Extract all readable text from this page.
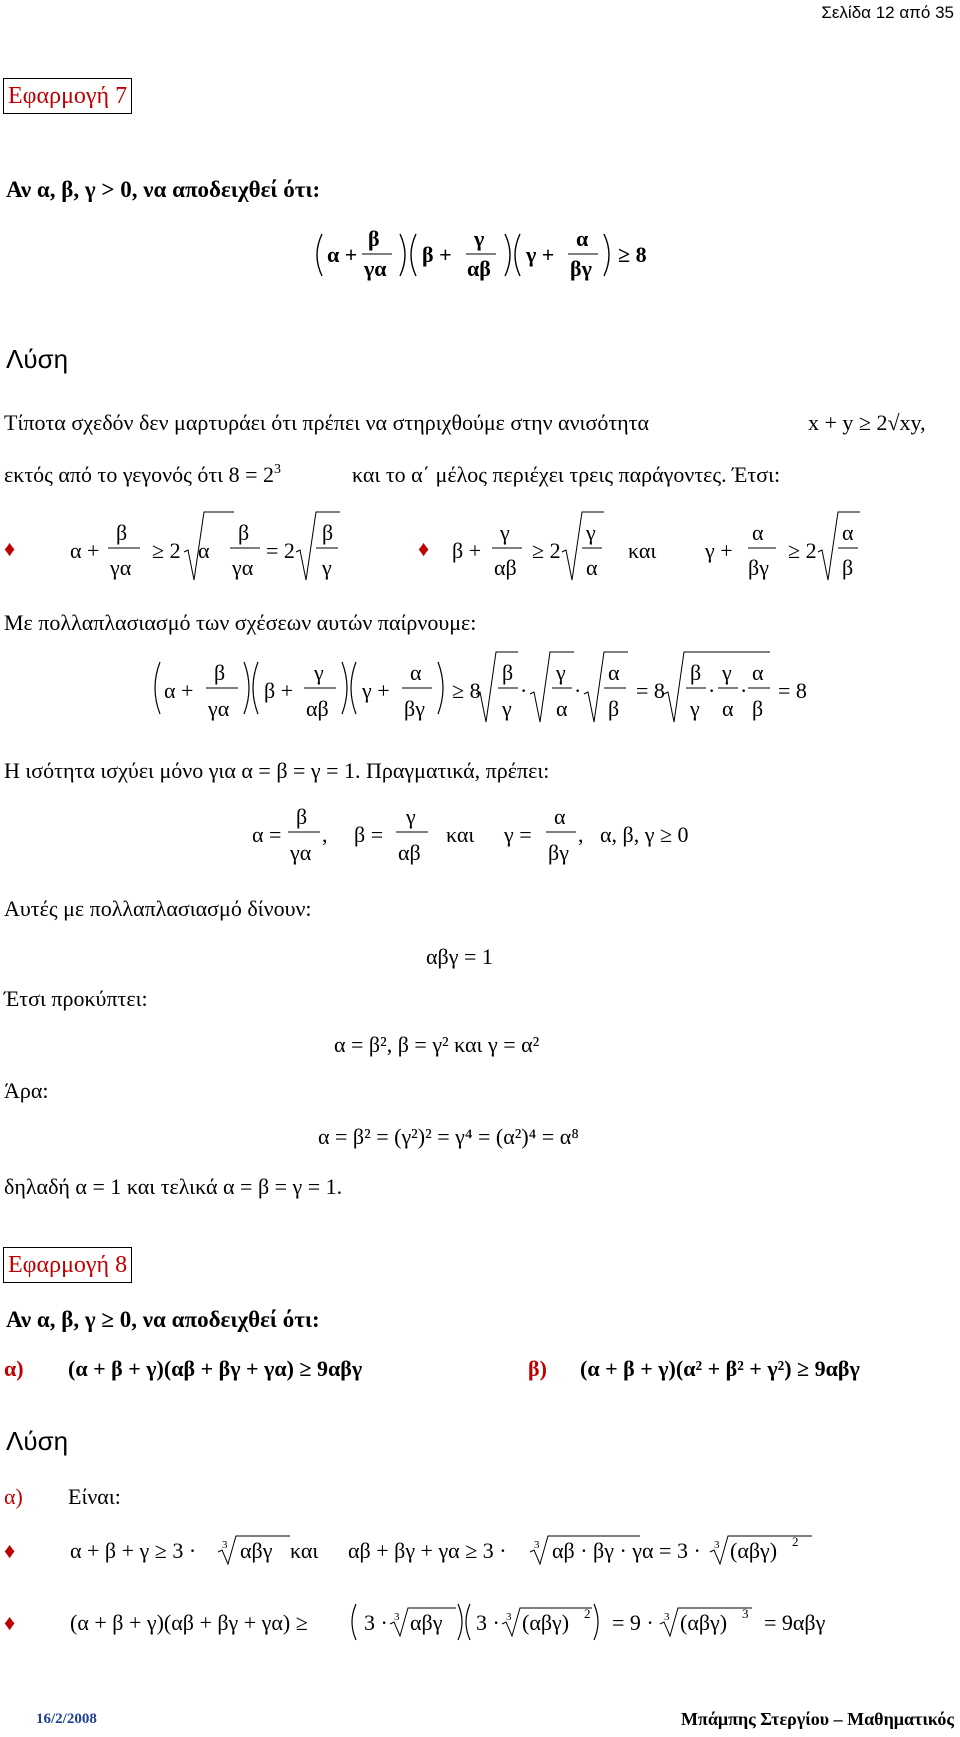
Σελίδα 12 από 35
Εφαρμογή 7
Αν α, β, γ > 0, να αποδειχθεί ότι:
α +
β
γα
β +
γ
αβ
γ +
α
βγ
≥ 8
α +
β
γα
≥ 2 α
β
γα
= 2
β
γ
β +
γ
αβ
≥ 2
γ
α
γ +
α
βγ
≥ 2
α
β
α +
β
γα
β +
γ
αβ
γ +
α
βγ
≥ 8
β
γ
·
γ
α
·
α
β
= 8
β
γ
·
γ
α
·
α
β
= 8
α =
β
γα
, β =
γ
αβ
και γ =
α
βγ
,
α + β + γ ≥ 3 · 3 αβγ και αβ + βγ + γα ≥ 3 · 3 αβ · βγ · γα = 3 · 3 (αβγ) 2
(α + β + γ)(αβ + βγ + γα) ≥	3 · 3 αβγ 3 · 3 (αβγ) 2 = 9 · 3 (αβγ) 3 = 9αβγ
Λύση
Τίποτα σχεδόν δεν μαρτυράει ότι πρέπει να στηριχθούμε στην ανισότητα	x + y ≥ 2√xy,
εκτός από το γεγονός ότι $8 = 2^3$	και το α΄ μέλος περιέχει τρεις παράγοντες. Έτσι:
♦	♦	και
Με πολλαπλασιασμό των σχέσεων αυτών παίρνουμε:
Η ισότητα ισχύει μόνο για α = β = γ = 1. Πραγματικά, πρέπει:
α, β, γ ≥ 0
Αυτές με πολλαπλασιασμό δίνουν:
αβγ = 1
Έτσι προκύπτει:
α = β², β = γ² και γ = α²
Άρα:
α = β² = (γ²)² = γ⁴ = (α²)⁴ = α⁸
δηλαδή α = 1 και τελικά α = β = γ = 1.
Εφαρμογή 8
Αν α, β, γ ≥ 0, να αποδειχθεί ότι:
α) (α + β + γ)(αβ + βγ + γα) ≥ 9αβγ	β) (α + β + γ)(α² + β² + γ²) ≥ 9αβγ
Λύση
α) Είναι:
♦
♦
16/2/2008	Μπάμπης Στεργίου – Μαθηματικός
